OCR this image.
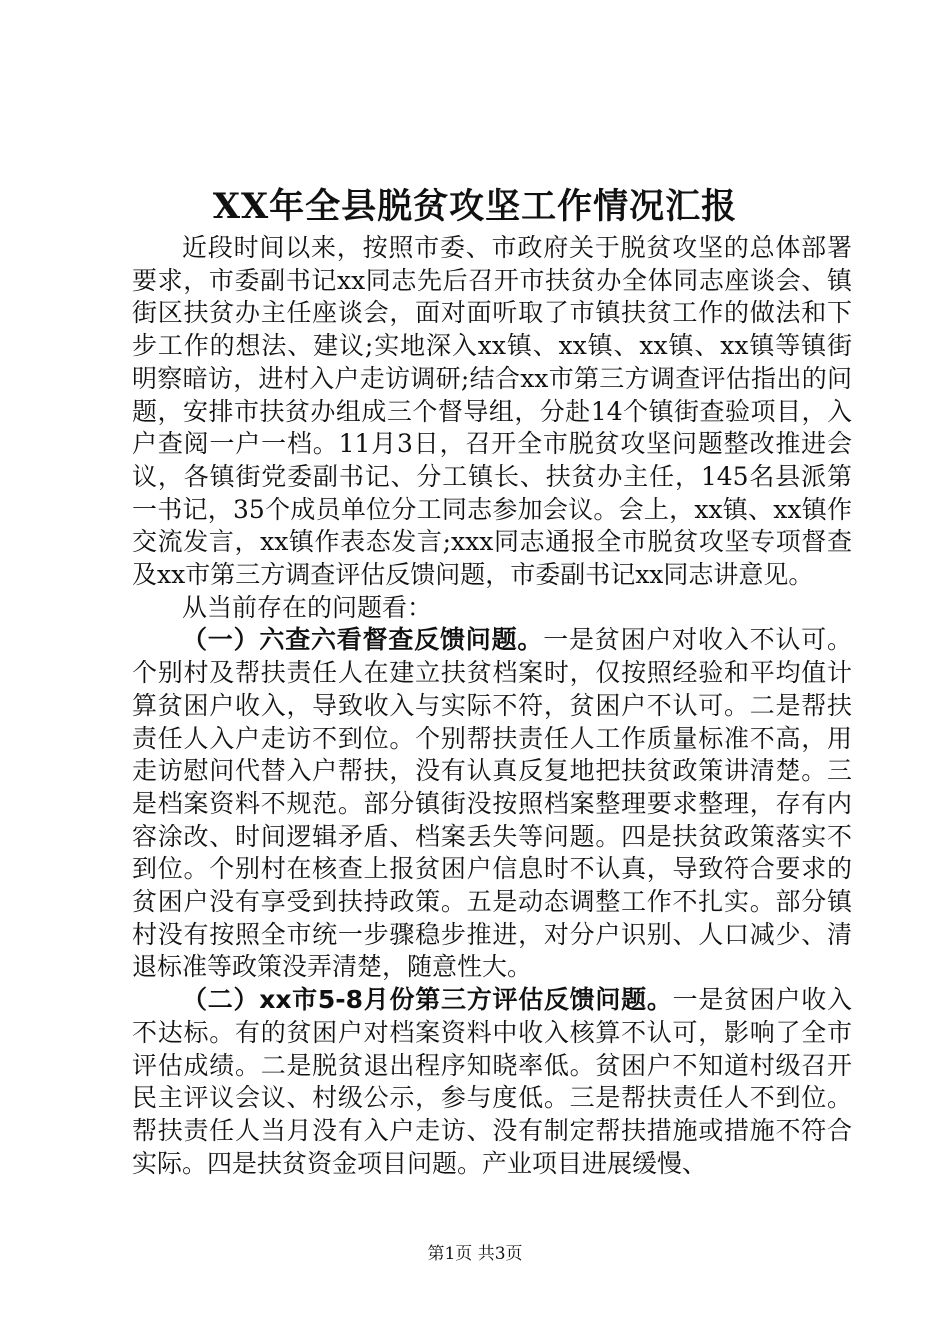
XX年全县脱贫攻坚工作情况汇报

近段时间以来，按照市委、市政府关于脱贫攻坚的总体部署要求，市委副书记xx同志先后召开市扶贫办全体同志座谈会、镇街区扶贫办主任座谈会，面对面听取了市镇扶贫工作的做法和下步工作的想法、建议;实地深入xx镇、xx镇、xx镇、xx镇等镇街明察暗访，进村入户走访调研;结合xx市第三方调查评估指出的问题，安排市扶贫办组成三个督导组，分赴14个镇街查验项目，入户查阅一户一档。11月3日，召开全市脱贫攻坚问题整改推进会议，各镇街党委副书记、分工镇长、扶贫办主任，145名县派第一书记，35个成员单位分工同志参加会议。会上，xx镇、xx镇作交流发言，xx镇作表态发言;xxx同志通报全市脱贫攻坚专项督查及xx市第三方调查评估反馈问题，市委副书记xx同志讲意见。

从当前存在的问题看：

（一）六查六看督查反馈问题。一是贫困户对收入不认可。个别村及帮扶责任人在建立扶贫档案时，仅按照经验和平均值计算贫困户收入，导致收入与实际不符，贫困户不认可。二是帮扶责任人入户走访不到位。个别帮扶责任人工作质量标准不高，用走访慰问代替入户帮扶，没有认真反复地把扶贫政策讲清楚。三是档案资料不规范。部分镇街没按照档案整理要求整理，存有内容涂改、时间逻辑矛盾、档案丢失等问题。四是扶贫政策落实不到位。个别村在核查上报贫困户信息时不认真，导致符合要求的贫困户没有享受到扶持政策。五是动态调整工作不扎实。部分镇村没有按照全市统一步骤稳步推进，对分户识别、人口减少、清退标准等政策没弄清楚，随意性大。

（二）xx市5-8月份第三方评估反馈问题。一是贫困户收入不达标。有的贫困户对档案资料中收入核算不认可，影响了全市评估成绩。二是脱贫退出程序知晓率低。贫困户不知道村级召开民主评议会议、村级公示，参与度低。三是帮扶责任人不到位。帮扶责任人当月没有入户走访、没有制定帮扶措施或措施不符合实际。四是扶贫资金项目问题。产业项目进展缓慢、

第1页 共3页
